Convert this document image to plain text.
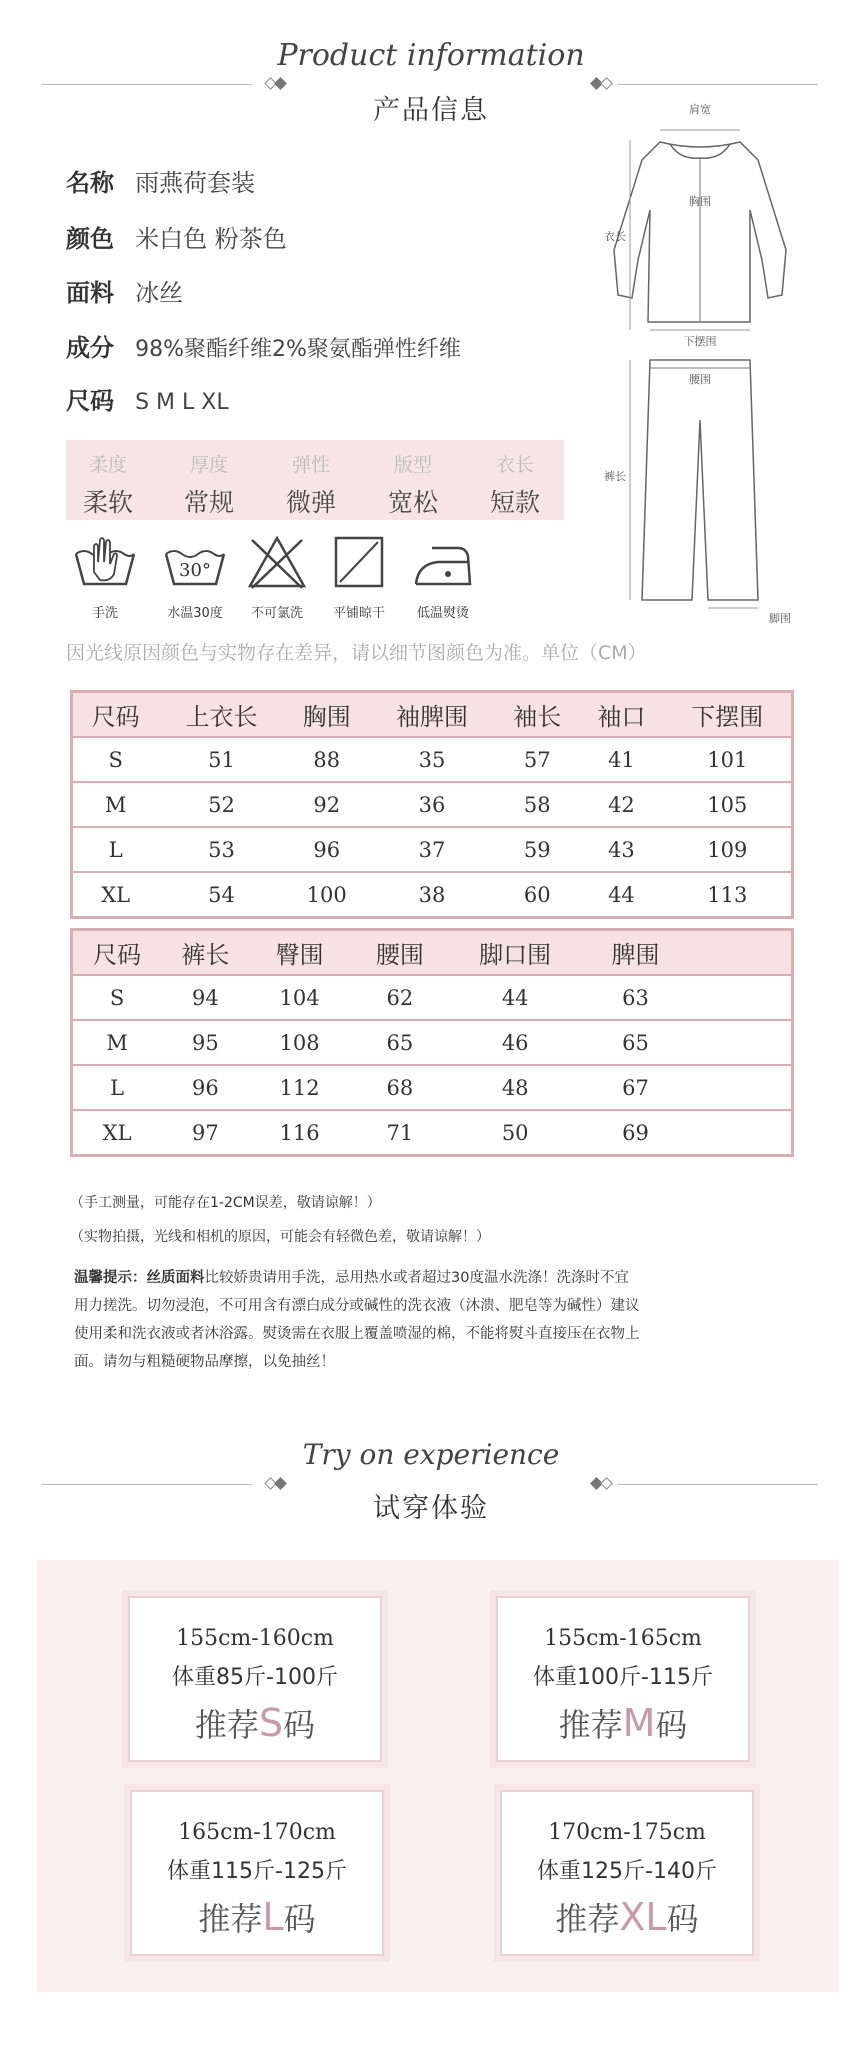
Product information
产品信息
名称 雨燕荷套装
颜色 米白色 粉茶色
面料 冰丝
成分 98%聚酯纤维2%聚氨酯弹性纤维
尺码 S M L XL
柔度
柔软
厚度
常规
弹性
微弹
版型
宽松
衣长
短款
手洗
30°
水温30度	不可氯洗	平铺晾干	低温熨烫
肩宽
胸围
衣长
下摆围
腰围
裤长
脚围
因光线原因颜色与实物存在差异，请以细节图颜色为准。单位（CM）
尺码	上衣长	胸围	袖脾围	袖长	袖口	下摆围
S	51	88	35	57	41	101
M	52	92	36	58	42	105
L	53	96	37	59	43	109
XL	54	100	38	60	44	113
尺码	裤长	臀围	腰围	脚口围	脾围	
S	94	104	62	44	63	
M	95	108	65	46	65	
L	96	112	68	48	67	
XL	97	116	71	50	69	
（手工测量，可能存在1-2CM误差，敬请谅解！）
（实物拍摄，光线和相机的原因，可能会有轻微色差，敬请谅解！）
温馨提示：丝质面料比较娇贵请用手洗，忌用热水或者超过30度温水洗涤！洗涤时不宜
用力搓洗。切勿浸泡，不可用含有漂白成分或碱性的洗衣液（沐溃、肥皂等为碱性）建议
使用柔和洗衣液或者沐浴露。熨烫需在衣服上覆盖喷湿的棉，不能将熨斗直接压在衣物上
面。请勿与粗糙硬物品摩擦，以免抽丝！
Try on experience
试穿体验
155cm-160cm
体重85斤-100斤
推荐S码
155cm-165cm
体重100斤-115斤
推荐M码
165cm-170cm
体重115斤-125斤
推荐L码
170cm-175cm
体重125斤-140斤
推荐XL码
